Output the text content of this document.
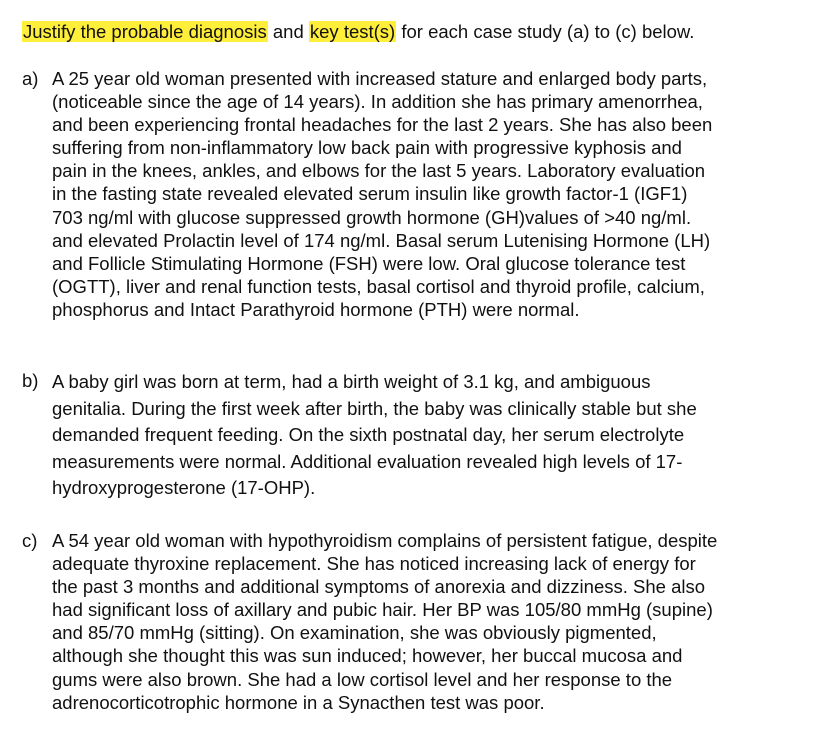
Justify the probable diagnosis and key test(s) for each case study (a) to (c) below.
a) A 25 year old woman presented with increased stature and enlarged body parts,
(noticeable since the age of 14 years). In addition she has primary amenorrhea,
and been experiencing frontal headaches for the last 2 years. She has also been
suffering from non-inflammatory low back pain with progressive kyphosis and
pain in the knees, ankles, and elbows for the last 5 years. Laboratory evaluation
in the fasting state revealed elevated serum insulin like growth factor-1 (IGF1)
703 ng/ml with glucose suppressed growth hormone (GH)values of >40 ng/ml.
and elevated Prolactin level of 174 ng/ml. Basal serum Lutenising Hormone (LH)
and Follicle Stimulating Hormone (FSH) were low. Oral glucose tolerance test
(OGTT), liver and renal function tests, basal cortisol and thyroid profile, calcium,
phosphorus and Intact Parathyroid hormone (PTH) were normal.
b) A baby girl was born at term, had a birth weight of 3.1 kg, and ambiguous
genitalia. During the first week after birth, the baby was clinically stable but she
demanded frequent feeding. On the sixth postnatal day, her serum electrolyte
measurements were normal. Additional evaluation revealed high levels of 17-
hydroxyprogesterone (17-OHP).
c) A 54 year old woman with hypothyroidism complains of persistent fatigue, despite
adequate thyroxine replacement. She has noticed increasing lack of energy for
the past 3 months and additional symptoms of anorexia and dizziness. She also
had significant loss of axillary and pubic hair. Her BP was 105/80 mmHg (supine)
and 85/70 mmHg (sitting). On examination, she was obviously pigmented,
although she thought this was sun induced; however, her buccal mucosa and
gums were also brown. She had a low cortisol level and her response to the
adrenocorticotrophic hormone in a Synacthen test was poor.
